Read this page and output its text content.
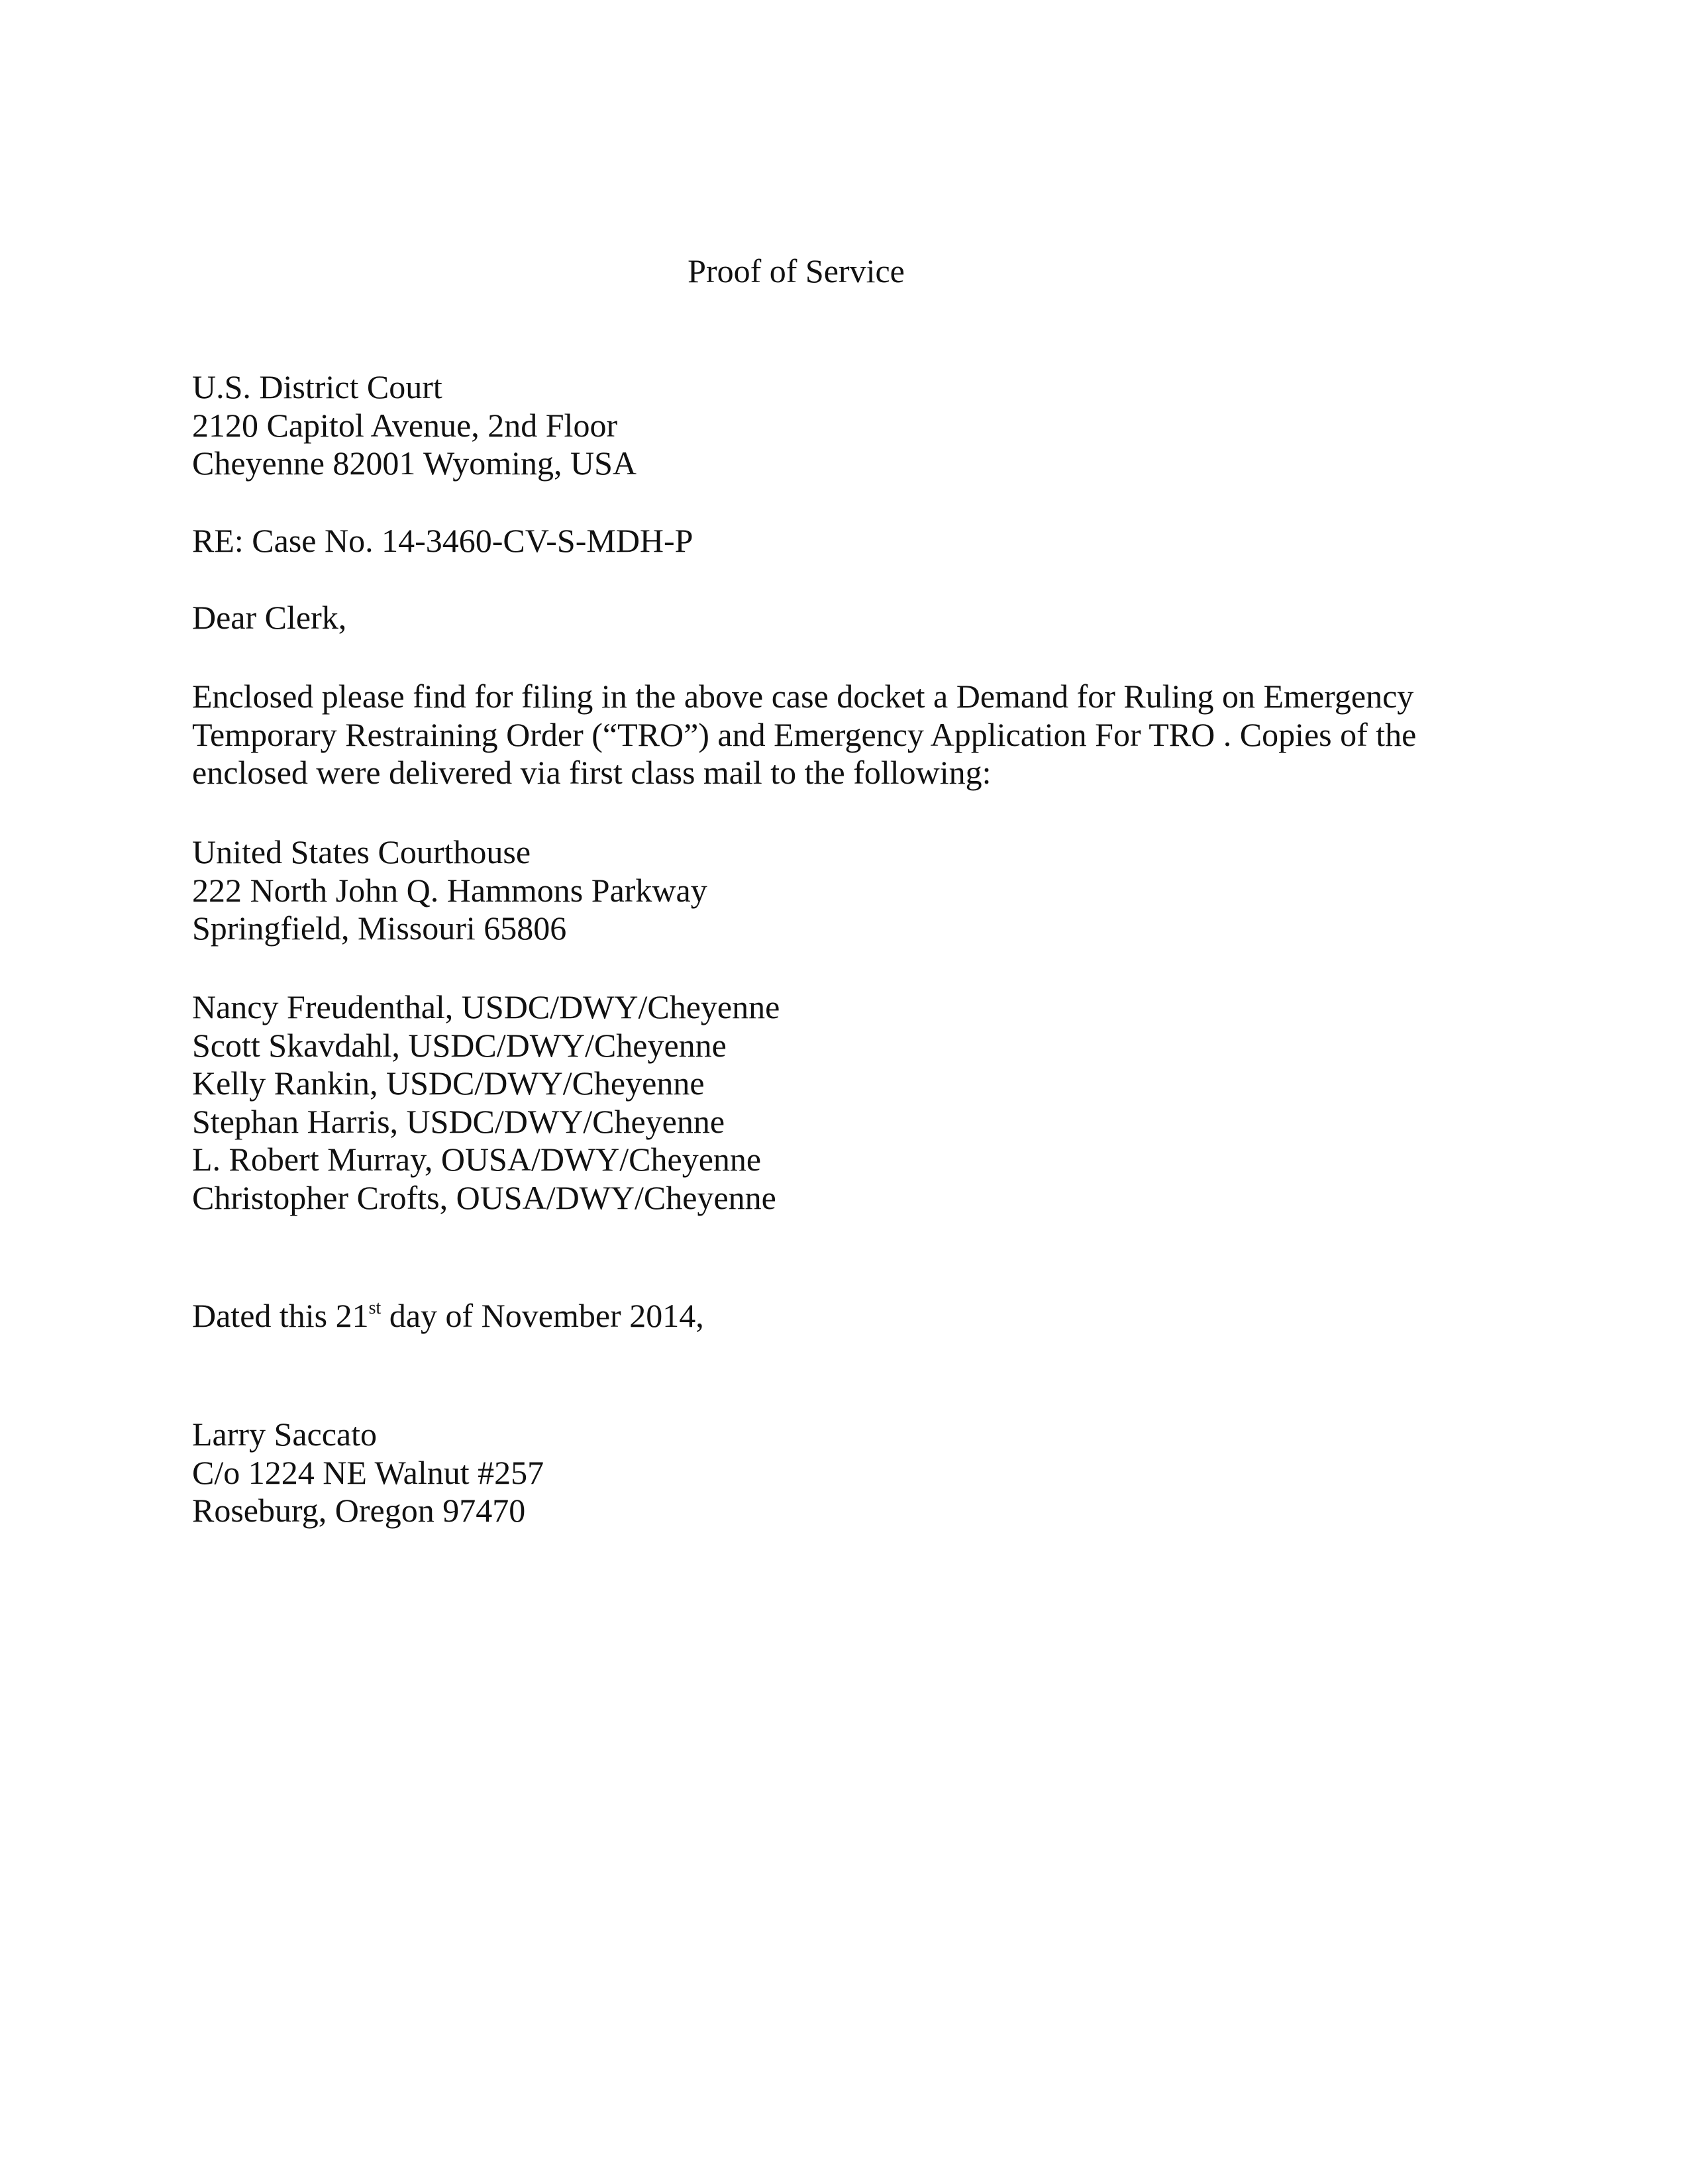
Proof of Service
U.S. District Court
2120 Capitol Avenue, 2nd Floor
Cheyenne 82001 Wyoming, USA
RE: Case No. 14-3460-CV-S-MDH-P
Dear Clerk,
Enclosed please find for filing in the above case docket a Demand for Ruling on Emergency
Temporary Restraining Order (“TRO”) and Emergency Application For TRO . Copies of the
enclosed were delivered via first class mail to the following:
United States Courthouse
222 North John Q. Hammons Parkway
Springfield, Missouri 65806
Nancy Freudenthal, USDC/DWY/Cheyenne
Scott Skavdahl, USDC/DWY/Cheyenne
Kelly Rankin, USDC/DWY/Cheyenne
Stephan Harris, USDC/DWY/Cheyenne
L. Robert Murray, OUSA/DWY/Cheyenne
Christopher Crofts, OUSA/DWY/Cheyenne
Dated this 21st day of November 2014,
Larry Saccato
C/o 1224 NE Walnut #257
Roseburg, Oregon 97470
